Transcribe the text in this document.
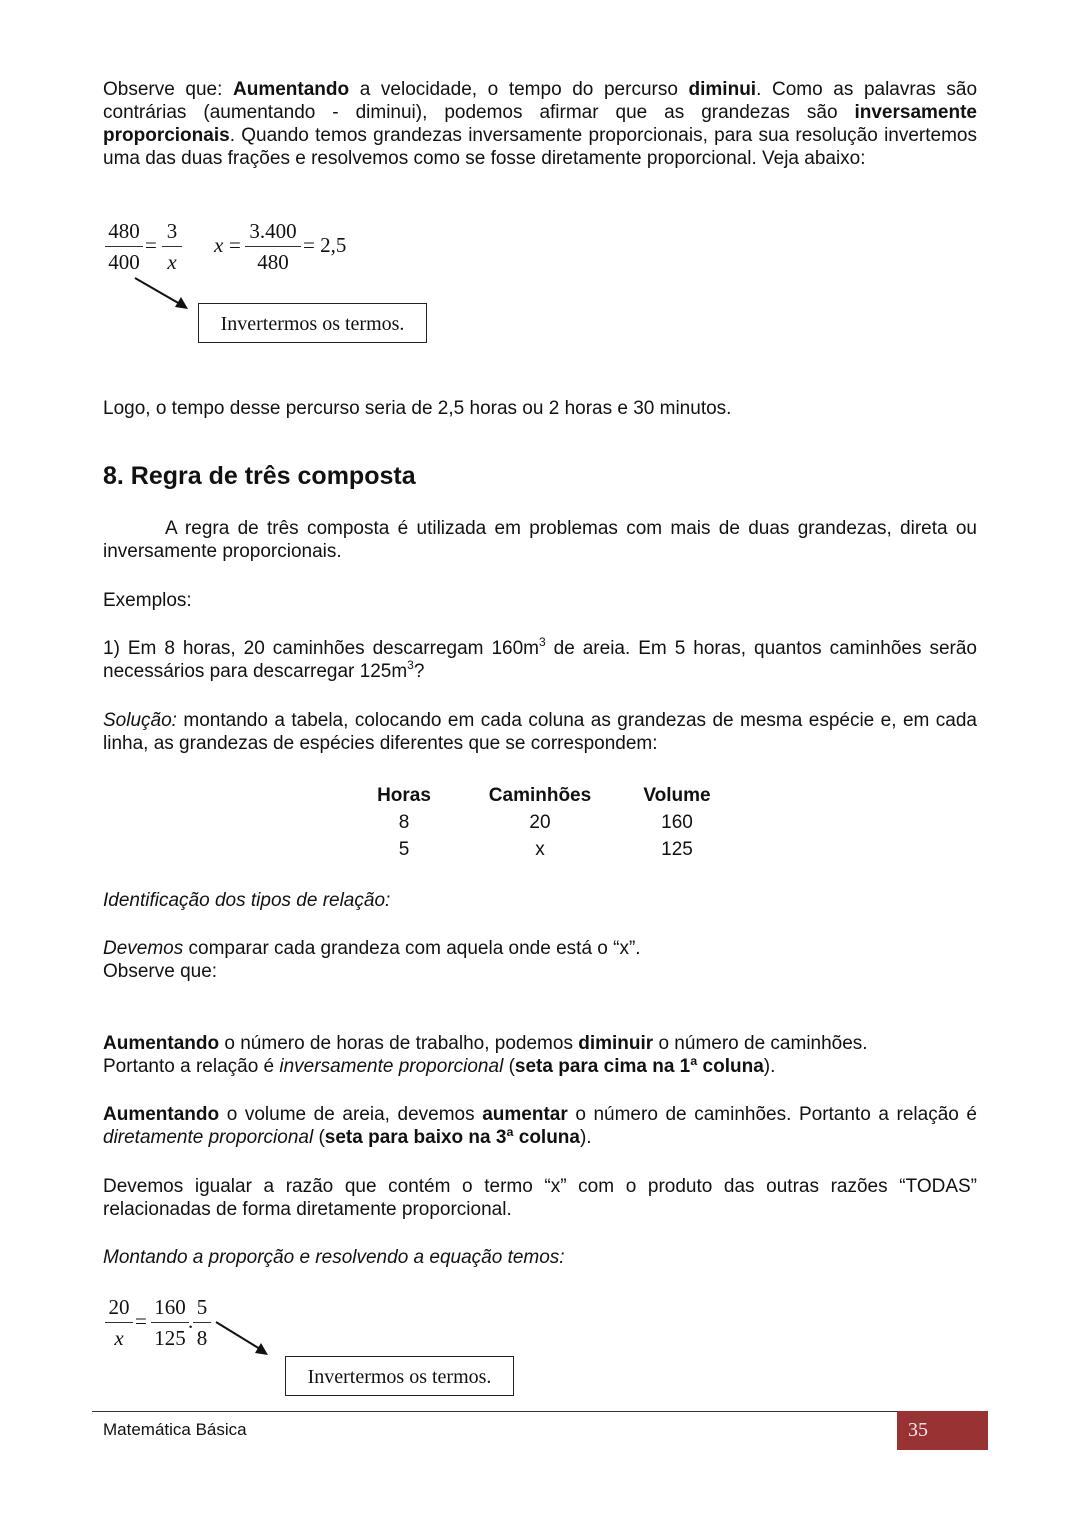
Observe que: Aumentando a velocidade, o tempo do percurso diminui. Como as palavras são contrárias (aumentando - diminui), podemos afirmar que as grandezas são inversamente proporcionais. Quando temos grandezas inversamente proporcionais, para sua resolução invertemos uma das duas frações e resolvemos como se fosse diretamente proporcional. Veja abaixo:

$\frac{480}{400} = \frac{3}{x}$ $x = \frac{3.400}{480} = 2,5$
Invertermos os termos.

Logo, o tempo desse percurso seria de 2,5 horas ou 2 horas e 30 minutos.

8. Regra de três composta

A regra de três composta é utilizada em problemas com mais de duas grandezas, direta ou inversamente proporcionais.

Exemplos:

1) Em 8 horas, 20 caminhões descarregam $160m^3$ de areia. Em 5 horas, quantos caminhões serão necessários para descarregar $125m^3$?

Solução: montando a tabela, colocando em cada coluna as grandezas de mesma espécie e, em cada linha, as grandezas de espécies diferentes que se correspondem:

Horas
8
5
Caminhões
20
x
Volume
160
125

Identificação dos tipos de relação:

Devemos comparar cada grandeza com aquela onde está o “x”.
Observe que:

Aumentando o número de horas de trabalho, podemos diminuir o número de caminhões.
Portanto a relação é inversamente proporcional (seta para cima na 1ª coluna).

Aumentando o volume de areia, devemos aumentar o número de caminhões. Portanto a relação é diretamente proporcional (seta para baixo na 3ª coluna).

Devemos igualar a razão que contém o termo “x” com o produto das outras razões “TODAS” relacionadas de forma diretamente proporcional.

Montando a proporção e resolvendo a equação temos:

$\frac{20}{x} = \frac{160}{125}$ . $\frac{5}{8}$
Invertermos os termos.
Matemática Básica	35
